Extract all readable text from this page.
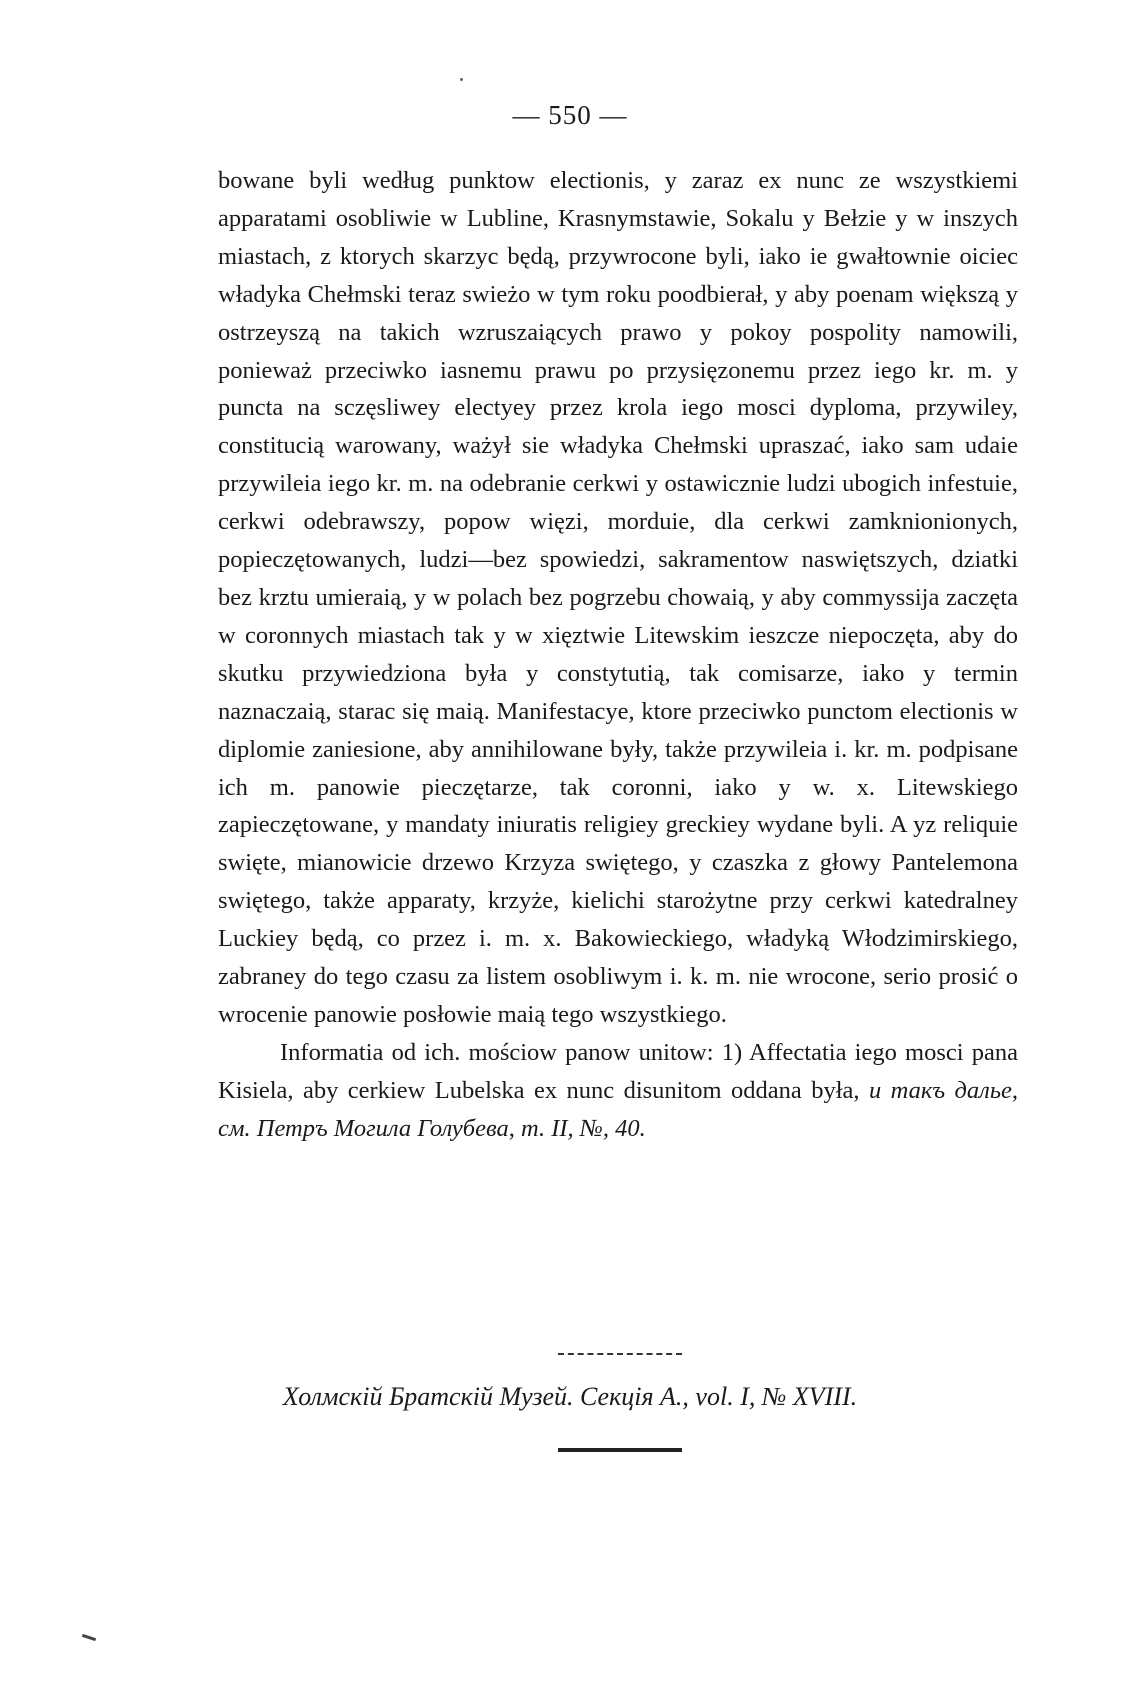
— 550 —

bowane byli według punktow electionis, y zaraz ex nunc ze wszystkiemi apparatami osobliwie w Lubline, Krasnymstawie, Sokalu y Bełzie y w inszych miastach, z ktorych skarzyc będą, przywrocone byli, iako ie gwałtownie oiciec władyka Chełmski teraz swieżo w tym roku poodbierał, y aby poenam większą y ostrzeyszą na takich wzruszaiących prawo y pokoy pospolity namowili, ponieważ przeciwko iasnemu prawu po przysięzonemu przez iego kr. m. y puncta na sczęsliwey electyey przez krola iego mosci dyploma, przywiley, constitucią warowany, ważył sie władyka Chełmski upraszać, iako sam udaie przywileia iego kr. m. na odebranie cerkwi y ostawicznie ludzi ubogich infestuie, cerkwi odebrawszy, popow więzi, morduie, dla cerkwi zamknionionych, popieczętowanych, ludzi—bez spowiedzi, sakramentow naswiętszych, dziatki bez krztu umieraią, y w polach bez pogrzebu chowaią, y aby commyssija zaczęta w coronnych miastach tak y w xięztwie Litewskim ieszcze niepoczęta, aby do skutku przywiedziona była y constytutią, tak comisarze, iako y termin naznaczaią, starac się maią. Manifestacye, ktore przeciwko punctom electionis w diplomie zaniesione, aby annihilowane były, także przywileia i. kr. m. podpisane ich m. panowie pieczętarze, tak coronni, iako y w. x. Litewskiego zapieczętowane, y mandaty iniuratis religiey greckiey wydane byli. A yz reliquie swięte, mianowicie drzewo Krzyza swiętego, y czaszka z głowy Pantelemona swiętego, także apparaty, krzyże, kielichi starożytne przy cerkwi katedralney Luckiey będą, co przez i. m. x. Bakowieckiego, władyką Włodzimirskiego, zabraney do tego czasu za listem osobliwym i. k. m. nie wrocone, serio prosić o wrocenie panowie posłowie maią tego wszystkiego.

Informatia od ich. mościow panow unitow: 1) Affectatia iego mosci pana Kisiela, aby cerkiew Lubelska ex nunc disunitom oddana była, и такъ далье, см. Петръ Могила Голубева, т. II, №, 40.

Холмскій Братскій Музей. Секція А., vol. I, № XVIII.
